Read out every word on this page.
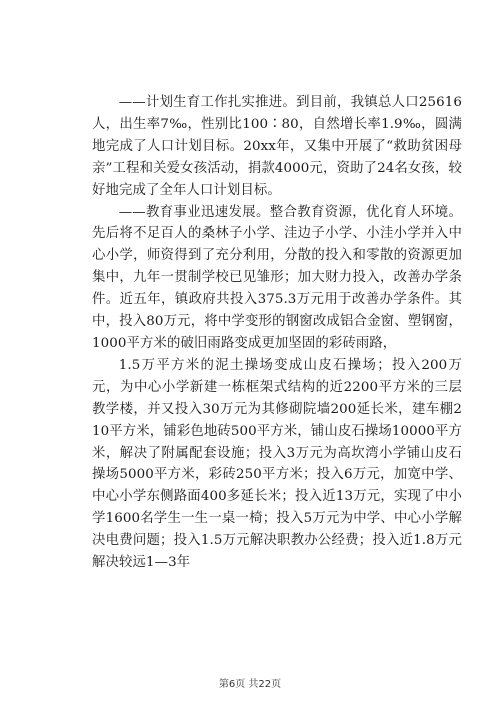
——计划生育工作扎实推进。到目前，我镇总人口25616人，出生率7‰，性别比100∶80，自然增长率1.9‰，圆满地完成了人口计划目标。20xx年，又集中开展了“救助贫困母亲”工程和关爱女孩活动，捐款4000元，资助了24名女孩，较好地完成了全年人口计划目标。

——教育事业迅速发展。整合教育资源，优化育人环境。先后将不足百人的桑林子小学、洼边子小学、小洼小学并入中心小学，师资得到了充分利用，分散的投入和零散的资源更加集中，九年一贯制学校已见雏形；加大财力投入，改善办学条件。近五年，镇政府共投入375.3万元用于改善办学条件。其中，投入80万元，将中学变形的钢窗改成铝合金窗、塑钢窗，1000平方米的破旧雨路变成更加坚固的彩砖雨路，

1.5万平方米的泥土操场变成山皮石操场；投入200万元，为中心小学新建一栋框架式结构的近2200平方米的三层教学楼，并又投入30万元为其修砌院墙200延长米，建车棚210平方米，铺彩色地砖500平方米，铺山皮石操场10000平方米，解决了附属配套设施；投入3万元为高坎湾小学铺山皮石操场5000平方米，彩砖250平方米；投入6万元，加宽中学、中心小学东侧路面400多延长米；投入近13万元，实现了中小学1600名学生一生一桌一椅；投入5万元为中学、中心小学解决电费问题；投入1.5万元解决职教办公经费；投入近1.8万元解决较远1—3年

第6页 共22页
